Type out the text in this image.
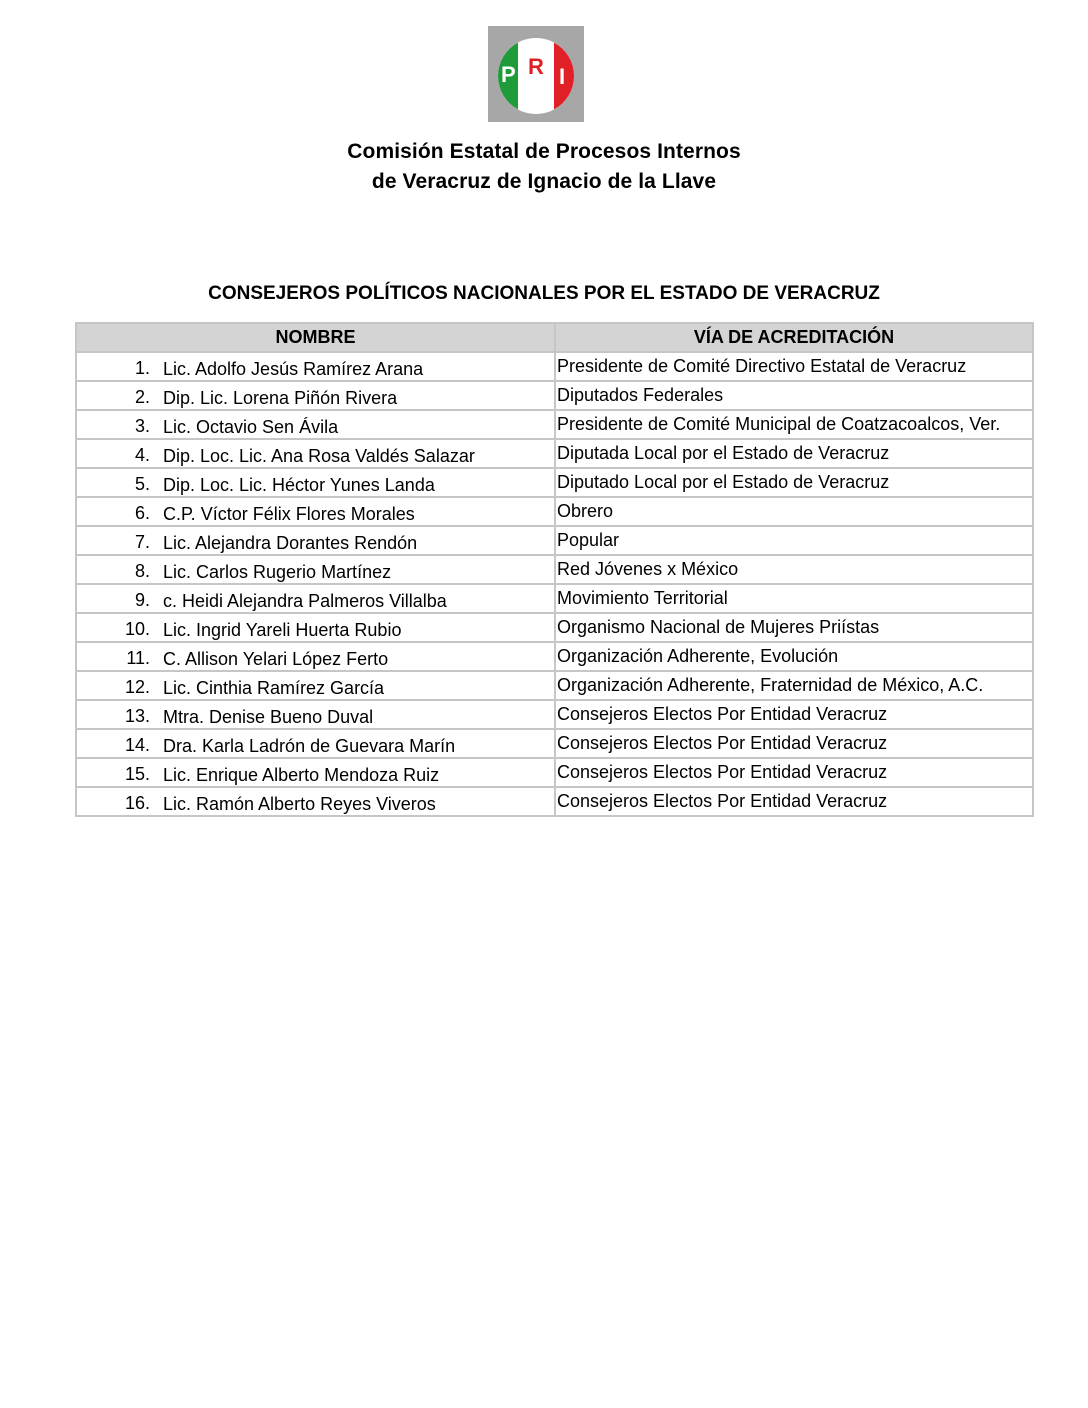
P R I
Comisión Estatal de Procesos Internos
de Veracruz de Ignacio de la Llave
CONSEJEROS POLÍTICOS NACIONALES POR EL ESTADO DE VERACRUZ
NOMBRE	VÍA DE ACREDITACIÓN

1. Lic. Adolfo Jesús Ramírez Arana	Presidente de Comité Directivo Estatal de Veracruz

2. Dip. Lic. Lorena Piñón Rivera	Diputados Federales

3. Lic. Octavio Sen Ávila	Presidente de Comité Municipal de Coatzacoalcos, Ver.

4. Dip. Loc. Lic. Ana Rosa Valdés Salazar	Diputada Local por el Estado de Veracruz

5. Dip. Loc. Lic. Héctor Yunes Landa	Diputado Local por el Estado de Veracruz

6. C.P. Víctor Félix Flores Morales	Obrero

7. Lic. Alejandra Dorantes Rendón	Popular

8. Lic. Carlos Rugerio Martínez	Red Jóvenes x México

9. c. Heidi Alejandra Palmeros Villalba	Movimiento Territorial

10. Lic. Ingrid Yareli Huerta Rubio	Organismo Nacional de Mujeres Priístas

11. C. Allison Yelari López Ferto	Organización Adherente, Evolución

12. Lic. Cinthia Ramírez García	Organización Adherente, Fraternidad de México, A.C.

13. Mtra. Denise Bueno Duval	Consejeros Electos Por Entidad Veracruz

14. Dra. Karla Ladrón de Guevara Marín	Consejeros Electos Por Entidad Veracruz

15. Lic. Enrique Alberto Mendoza Ruiz	Consejeros Electos Por Entidad Veracruz

16. Lic. Ramón Alberto Reyes Viveros	Consejeros Electos Por Entidad Veracruz
